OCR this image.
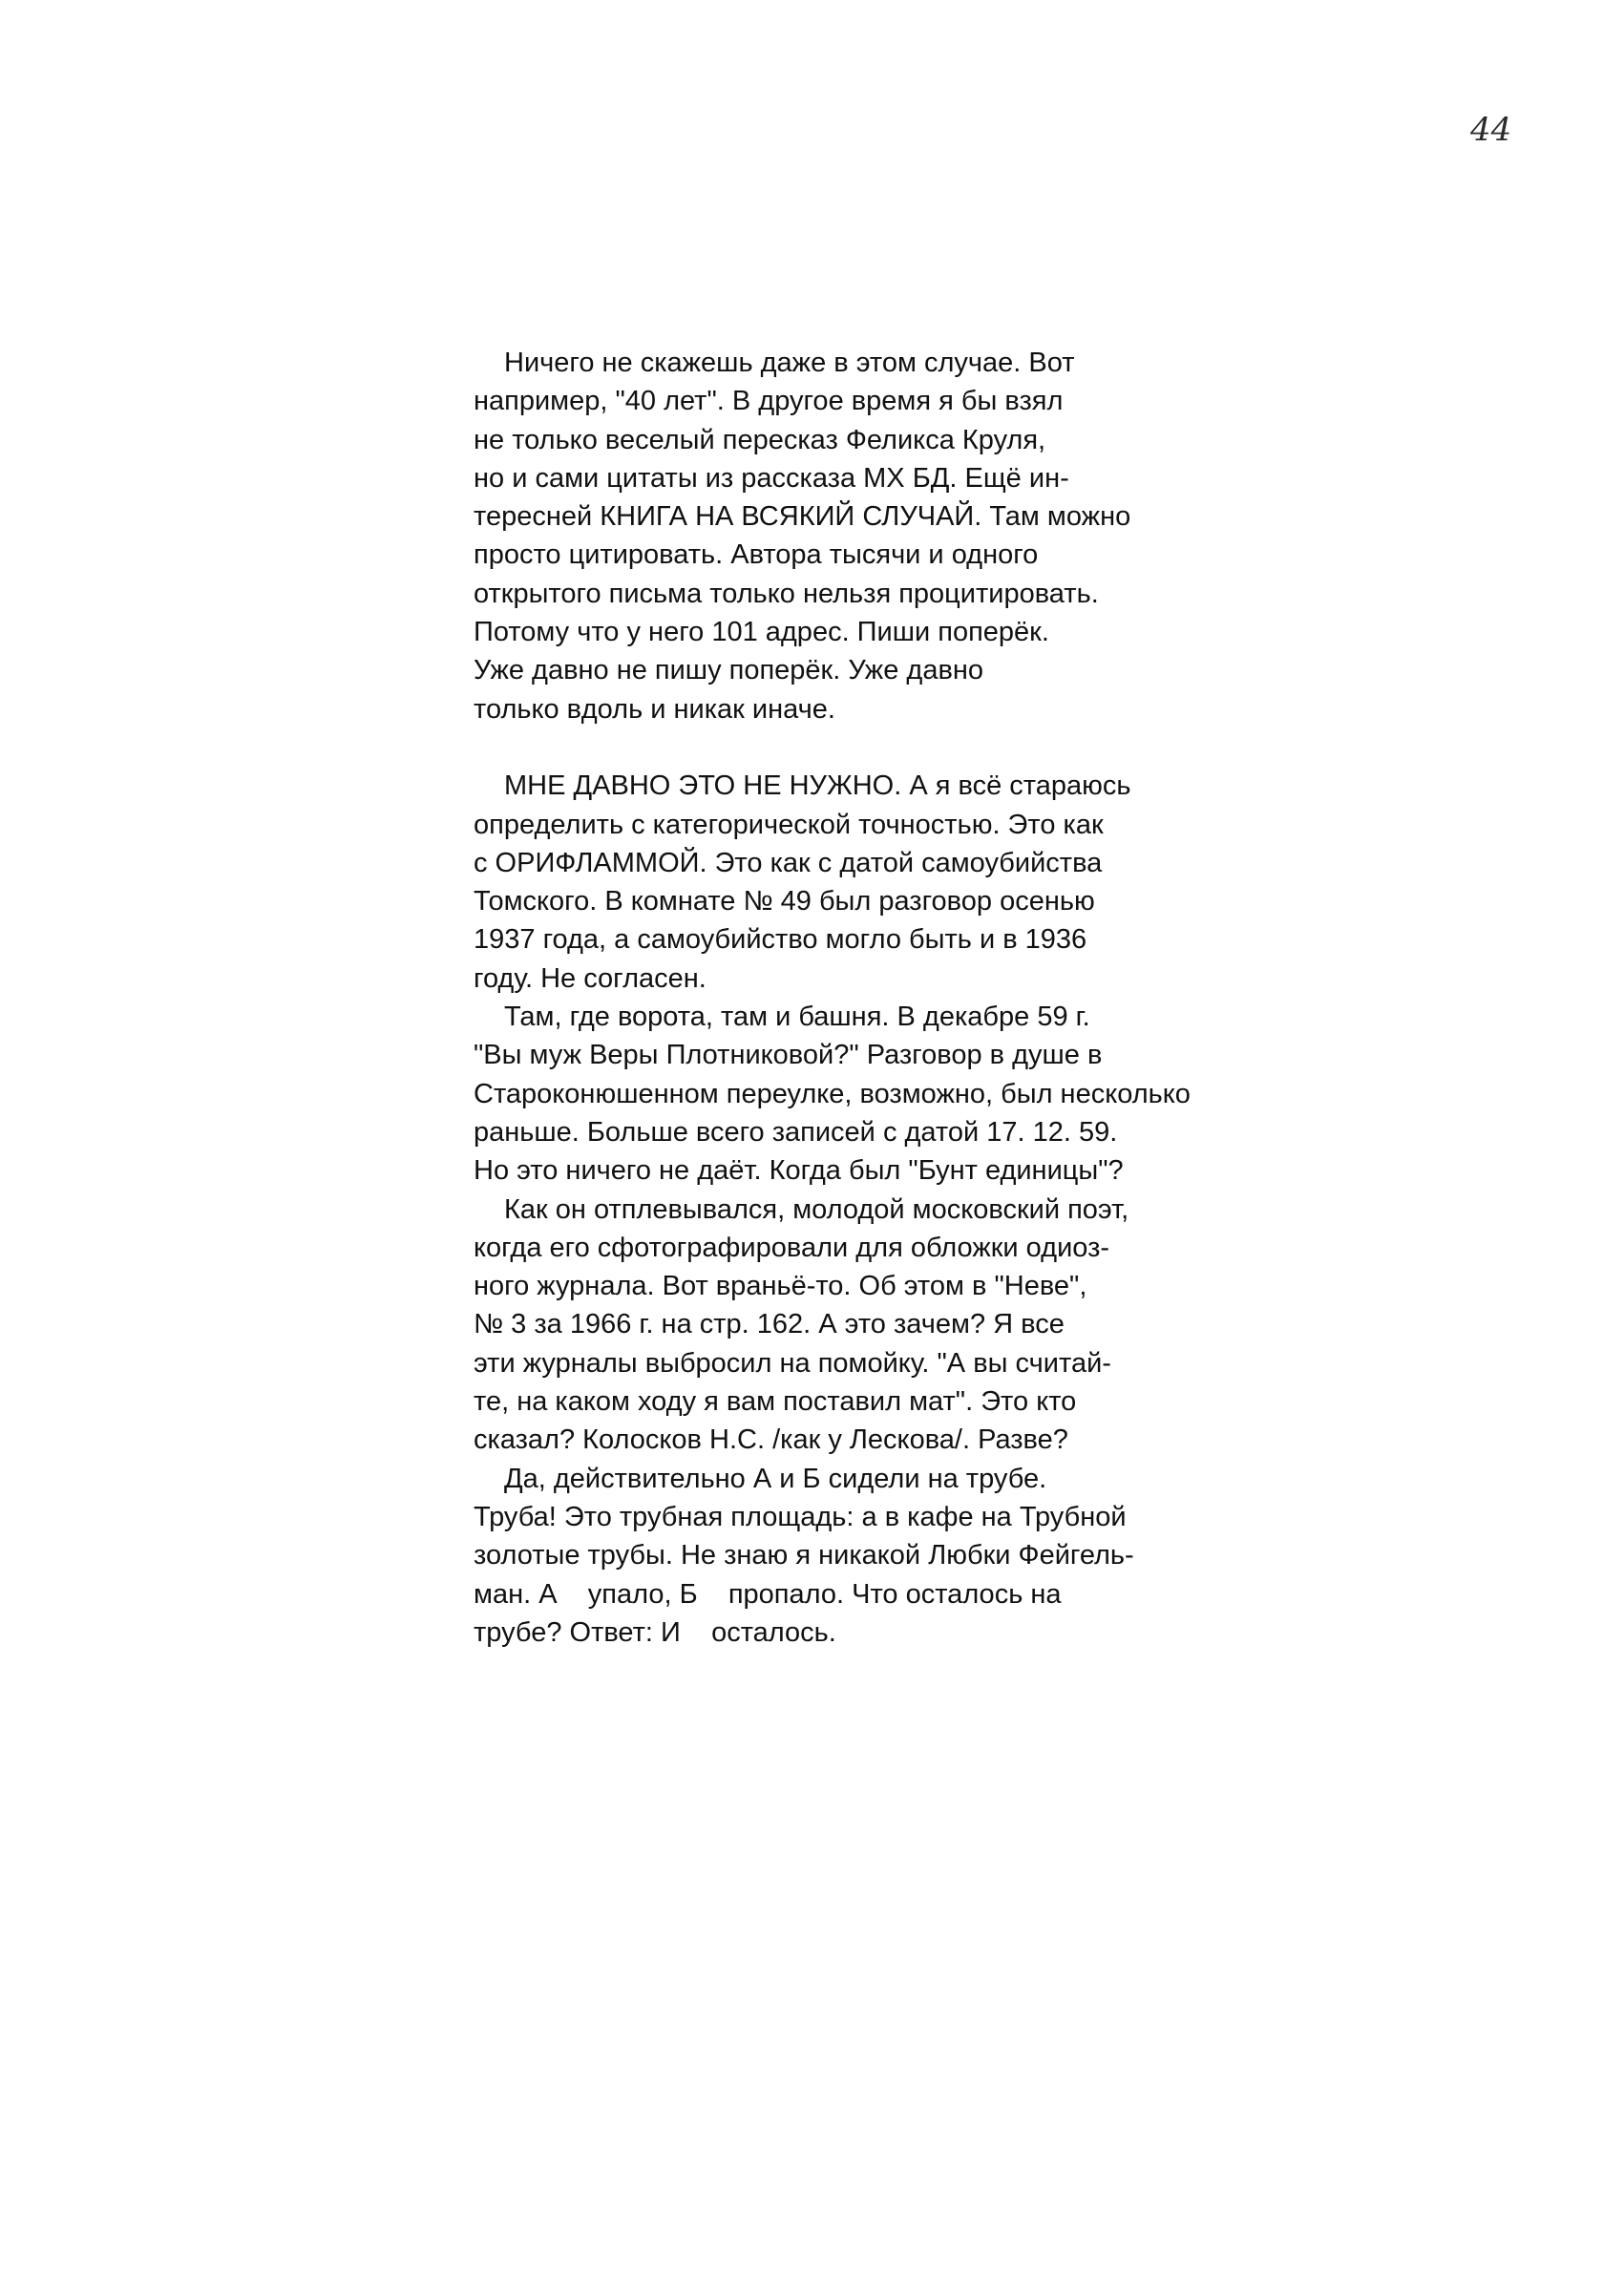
44
Ничего не скажешь даже в этом случае. Вот
например, "40 лет". В другое время я бы взял
не только веселый пересказ Феликса Круля,
но и сами цитаты из рассказа МХ БД. Ещё ин-
тересней КНИГА НА ВСЯКИЙ СЛУЧАЙ. Там можно
просто цитировать. Автора тысячи и одного
открытого письма только нельзя процитировать.
Потому что у него 101 адрес. Пиши поперёк.
Уже давно не пишу поперёк. Уже давно
только вдоль и никак иначе.
МНЕ ДАВНО ЭТО НЕ НУЖНО. А я всё стараюсь
определить с категорической точностью. Это как
с ОРИФЛАММОЙ. Это как с датой самоубийства
Томского. В комнате № 49 был разговор осенью
1937 года, а самоубийство могло быть и в 1936
году. Не согласен.
Там, где ворота, там и башня. В декабре 59 г.
"Вы муж Веры Плотниковой?" Разговор в душе в
Староконюшенном переулке, возможно, был несколько
раньше. Больше всего записей с датой 17. 12. 59.
Но это ничего не даёт. Когда был "Бунт единицы"?
Как он отплевывался, молодой московский поэт,
когда его сфотографировали для обложки одиоз-
ного журнала. Вот враньё-то. Об этом в "Неве",
№ 3 за 1966 г. на стр. 162. А это зачем? Я все
эти журналы выбросил на помойку. "А вы считай-
те, на каком ходу я вам поставил мат". Это кто
сказал? Колосков Н.С. /как у Лескова/. Разве?
Да, действительно А и Б сидели на трубе.
Труба! Это трубная площадь: а в кафе на Трубной
золотые трубы. Не знаю я никакой Любки Фейгель-
ман. А    упало, Б    пропало. Что осталось на
трубе? Ответ: И    осталось.
